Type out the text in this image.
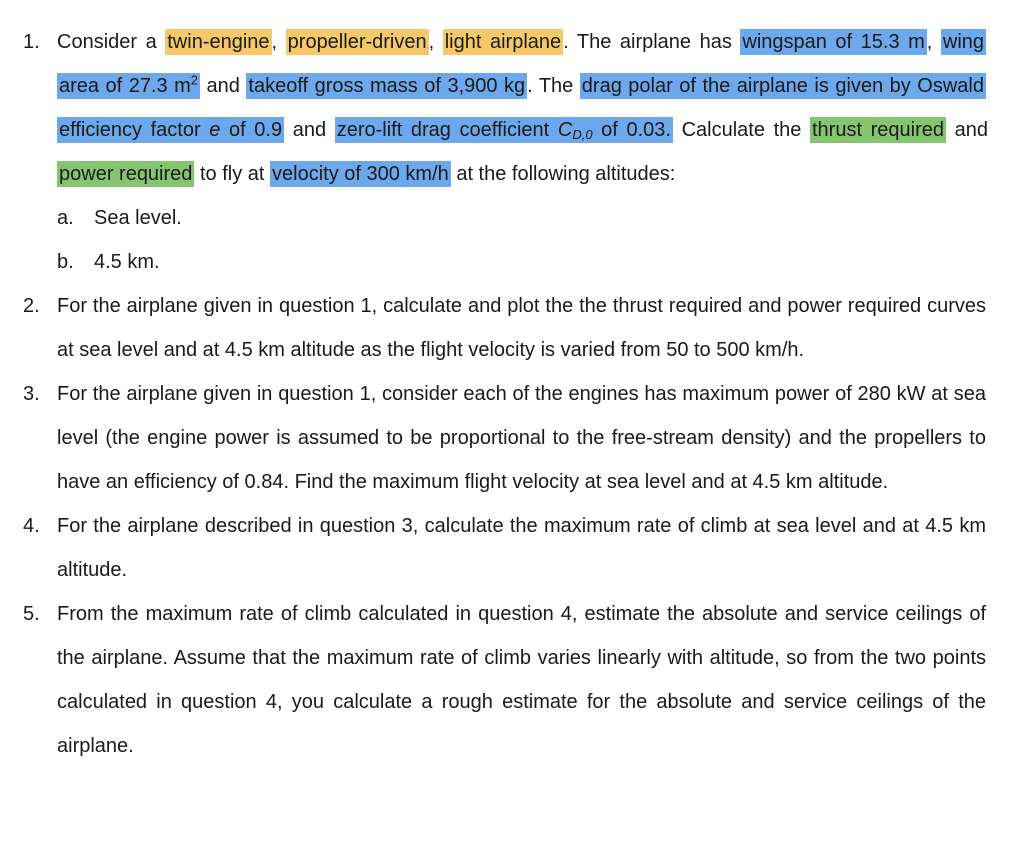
1. Consider a twin-engine , propeller-driven , light airplane . The airplane has wingspan of 15.3 m , wing area of 27.3 $m^2$ and takeoff gross mass of 3,900 kg . The drag polar of the airplane is given by Oswald efficiency factor e of 0.9 and zero-lift drag coefficient CD,0 of 0.03. Calculate the thrust required and power required to fly at velocity of 300 km/h at the following altitudes:
a. Sea level.
b. 4.5 km.
2. For the airplane given in question 1, calculate and plot the the thrust required and power required curves at sea level and at 4.5 km altitude as the flight velocity is varied from 50 to 500 km/h.
3. For the airplane given in question 1, consider each of the engines has maximum power of 280 kW at sea level (the engine power is assumed to be proportional to the free-stream density) and the propellers to have an efficiency of 0.84. Find the maximum flight velocity at sea level and at 4.5 km altitude.
4. For the airplane described in question 3, calculate the maximum rate of climb at sea level and at 4.5 km altitude.
5. From the maximum rate of climb calculated in question 4, estimate the absolute and service ceilings of the airplane. Assume that the maximum rate of climb varies linearly with altitude, so from the two points calculated in question 4, you calculate a rough estimate for the absolute and service ceilings of the airplane.
